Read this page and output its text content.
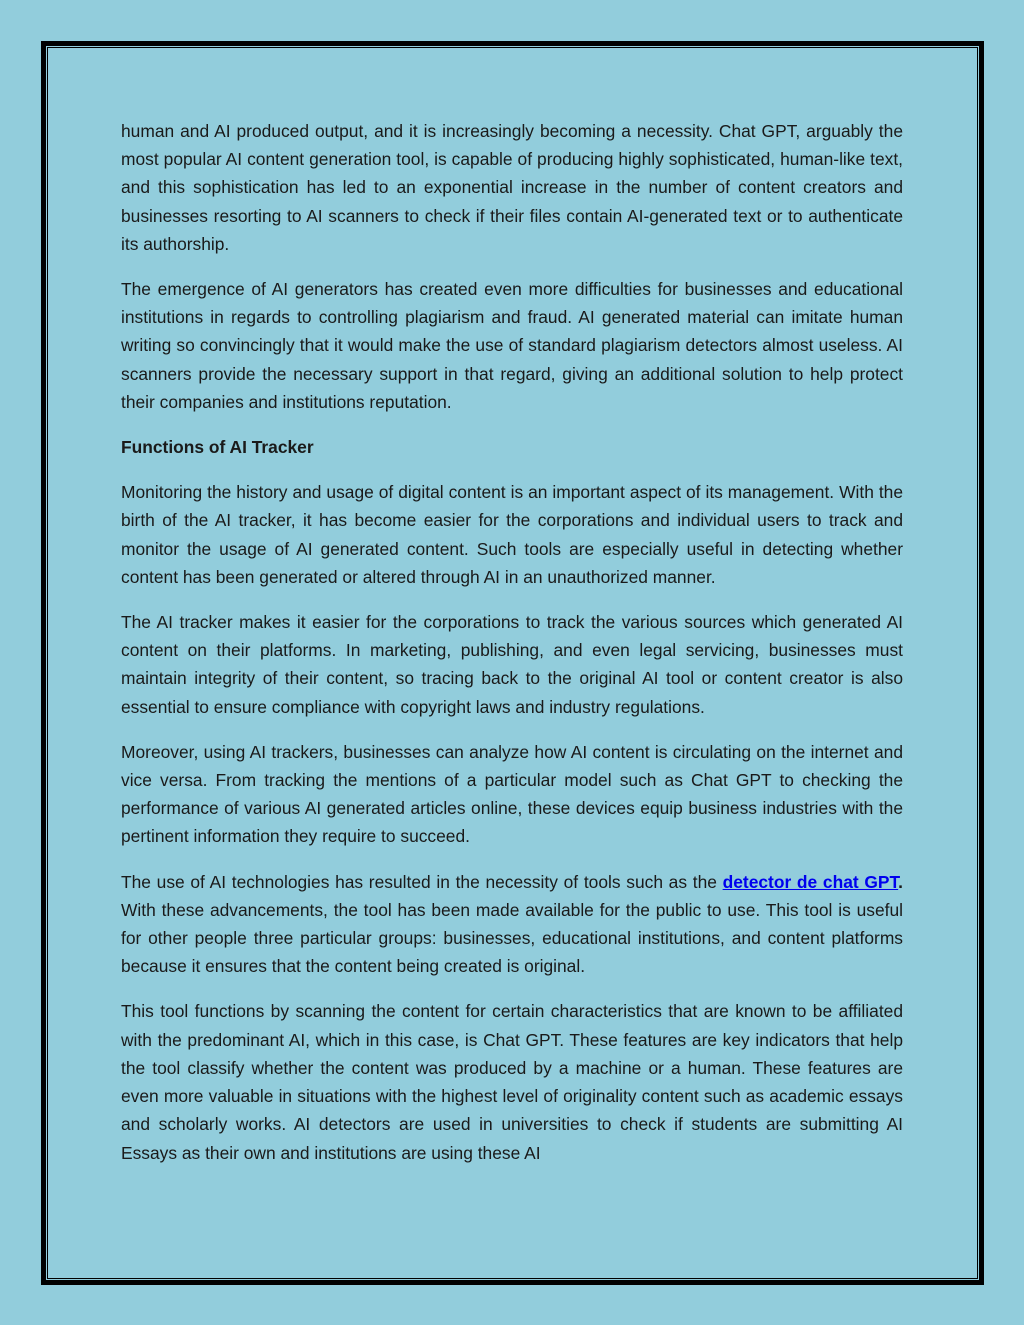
human and AI produced output, and it is increasingly becoming a necessity. Chat GPT, arguably the most popular AI content generation tool, is capable of producing highly sophisticated, human-like text, and this sophistication has led to an exponential increase in the number of content creators and businesses resorting to AI scanners to check if their files contain AI-generated text or to authenticate its authorship.

The emergence of AI generators has created even more difficulties for businesses and educational institutions in regards to controlling plagiarism and fraud. AI generated material can imitate human writing so convincingly that it would make the use of standard plagiarism detectors almost useless. AI scanners provide the necessary support in that regard, giving an additional solution to help protect their companies and institutions reputation.

Functions of AI Tracker

Monitoring the history and usage of digital content is an important aspect of its management. With the birth of the AI tracker, it has become easier for the corporations and individual users to track and monitor the usage of AI generated content. Such tools are especially useful in detecting whether content has been generated or altered through AI in an unauthorized manner.

The AI tracker makes it easier for the corporations to track the various sources which generated AI content on their platforms. In marketing, publishing, and even legal servicing, businesses must maintain integrity of their content, so tracing back to the original AI tool or content creator is also essential to ensure compliance with copyright laws and industry regulations.

Moreover, using AI trackers, businesses can analyze how AI content is circulating on the internet and vice versa. From tracking the mentions of a particular model such as Chat GPT to checking the performance of various AI generated articles online, these devices equip business industries with the pertinent information they require to succeed.

The use of AI technologies has resulted in the necessity of tools such as the detector de chat GPT. With these advancements, the tool has been made available for the public to use. This tool is useful for other people three particular groups: businesses, educational institutions, and content platforms because it ensures that the content being created is original.

This tool functions by scanning the content for certain characteristics that are known to be affiliated with the predominant AI, which in this case, is Chat GPT. These features are key indicators that help the tool classify whether the content was produced by a machine or a human. These features are even more valuable in situations with the highest level of originality content such as academic essays and scholarly works. AI detectors are used in universities to check if students are submitting AI Essays as their own and institutions are using these AI
